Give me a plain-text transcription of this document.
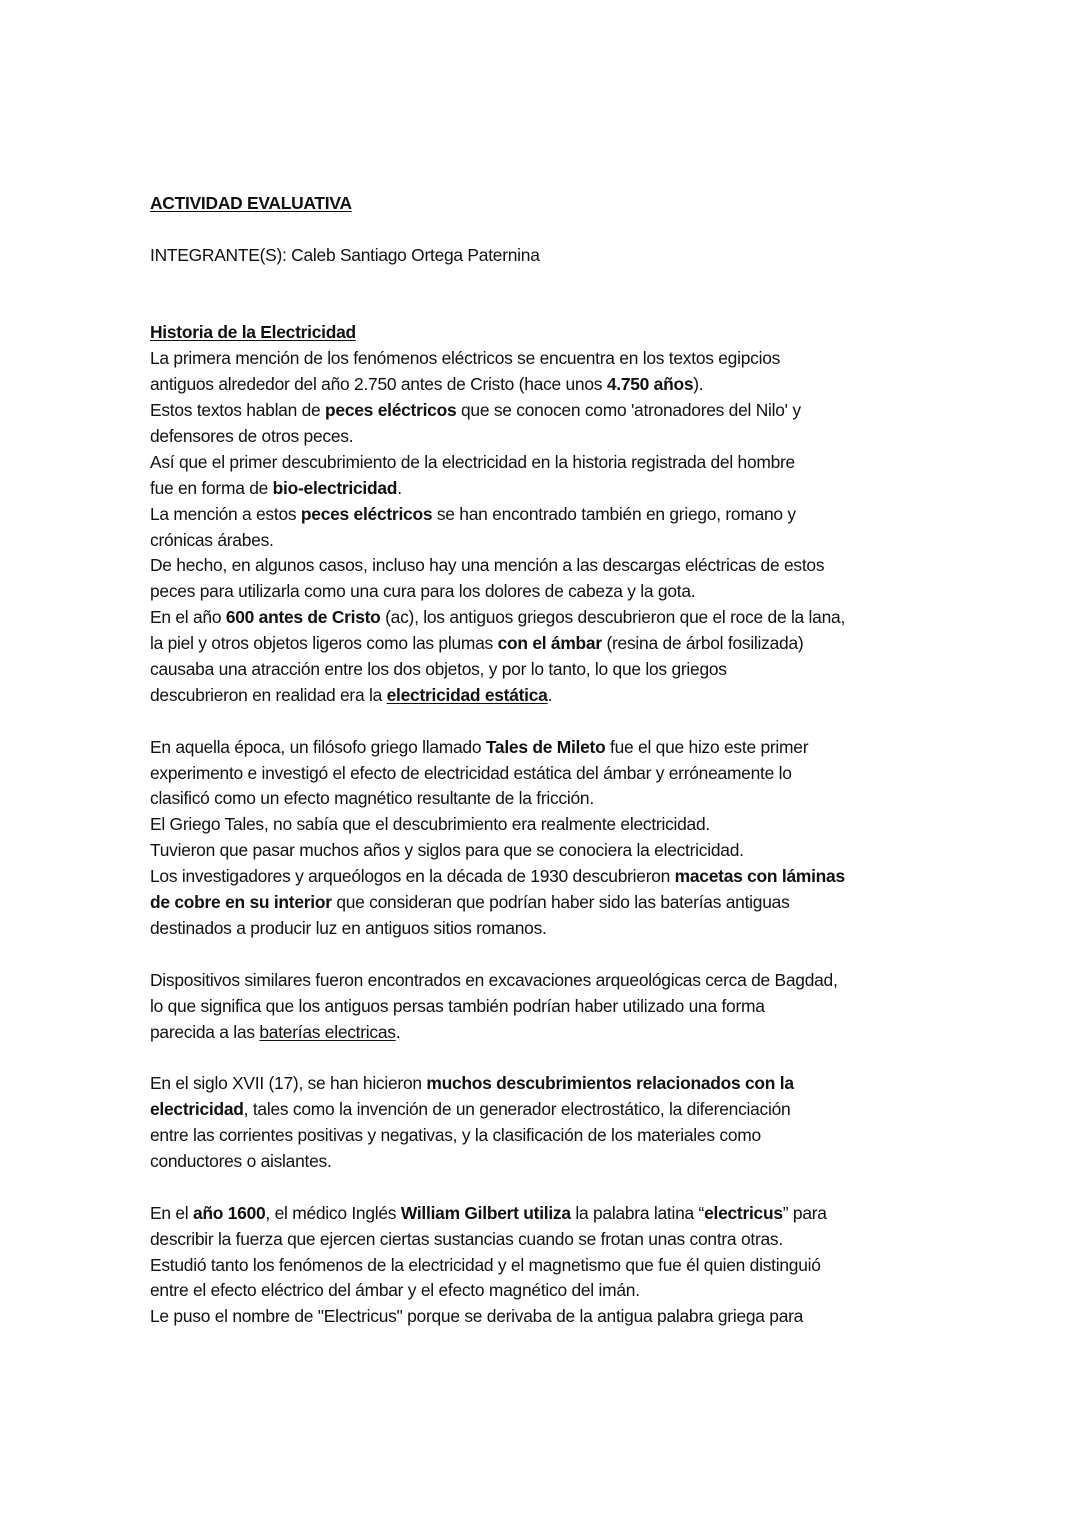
ACTIVIDAD EVALUATIVA
INTEGRANTE(S): Caleb Santiago Ortega Paternina
Historia de la Electricidad
La primera mención de los fenómenos eléctricos se encuentra en los textos egipcios
antiguos alrededor del año 2.750 antes de Cristo (hace unos 4.750 años).
Estos textos hablan de peces eléctricos que se conocen como 'atronadores del Nilo' y
defensores de otros peces.
Así que el primer descubrimiento de la electricidad en la historia registrada del hombre
fue en forma de bio-electricidad.
La mención a estos peces eléctricos se han encontrado también en griego, romano y
crónicas árabes.
De hecho, en algunos casos, incluso hay una mención a las descargas eléctricas de estos
peces para utilizarla como una cura para los dolores de cabeza y la gota.
En el año 600 antes de Cristo (ac), los antiguos griegos descubrieron que el roce de la lana,
la piel y otros objetos ligeros como las plumas con el ámbar (resina de árbol fosilizada)
causaba una atracción entre los dos objetos, y por lo tanto, lo que los griegos
descubrieron en realidad era la electricidad estática.
En aquella época, un filósofo griego llamado Tales de Mileto fue el que hizo este primer
experimento e investigó el efecto de electricidad estática del ámbar y erróneamente lo
clasificó como un efecto magnético resultante de la fricción.
El Griego Tales, no sabía que el descubrimiento era realmente electricidad.
Tuvieron que pasar muchos años y siglos para que se conociera la electricidad.
Los investigadores y arqueólogos en la década de 1930 descubrieron macetas con láminas
de cobre en su interior que consideran que podrían haber sido las baterías antiguas
destinados a producir luz en antiguos sitios romanos.
Dispositivos similares fueron encontrados en excavaciones arqueológicas cerca de Bagdad,
lo que significa que los antiguos persas también podrían haber utilizado una forma
parecida a las baterías electricas.
En el siglo XVII (17), se han hicieron muchos descubrimientos relacionados con la
electricidad, tales como la invención de un generador electrostático, la diferenciación
entre las corrientes positivas y negativas, y la clasificación de los materiales como
conductores o aislantes.
En el año 1600, el médico Inglés William Gilbert utiliza la palabra latina “electricus” para
describir la fuerza que ejercen ciertas sustancias cuando se frotan unas contra otras.
Estudió tanto los fenómenos de la electricidad y el magnetismo que fue él quien distinguió
entre el efecto eléctrico del ámbar y el efecto magnético del imán.
Le puso el nombre de "Electricus" porque se derivaba de la antigua palabra griega para
